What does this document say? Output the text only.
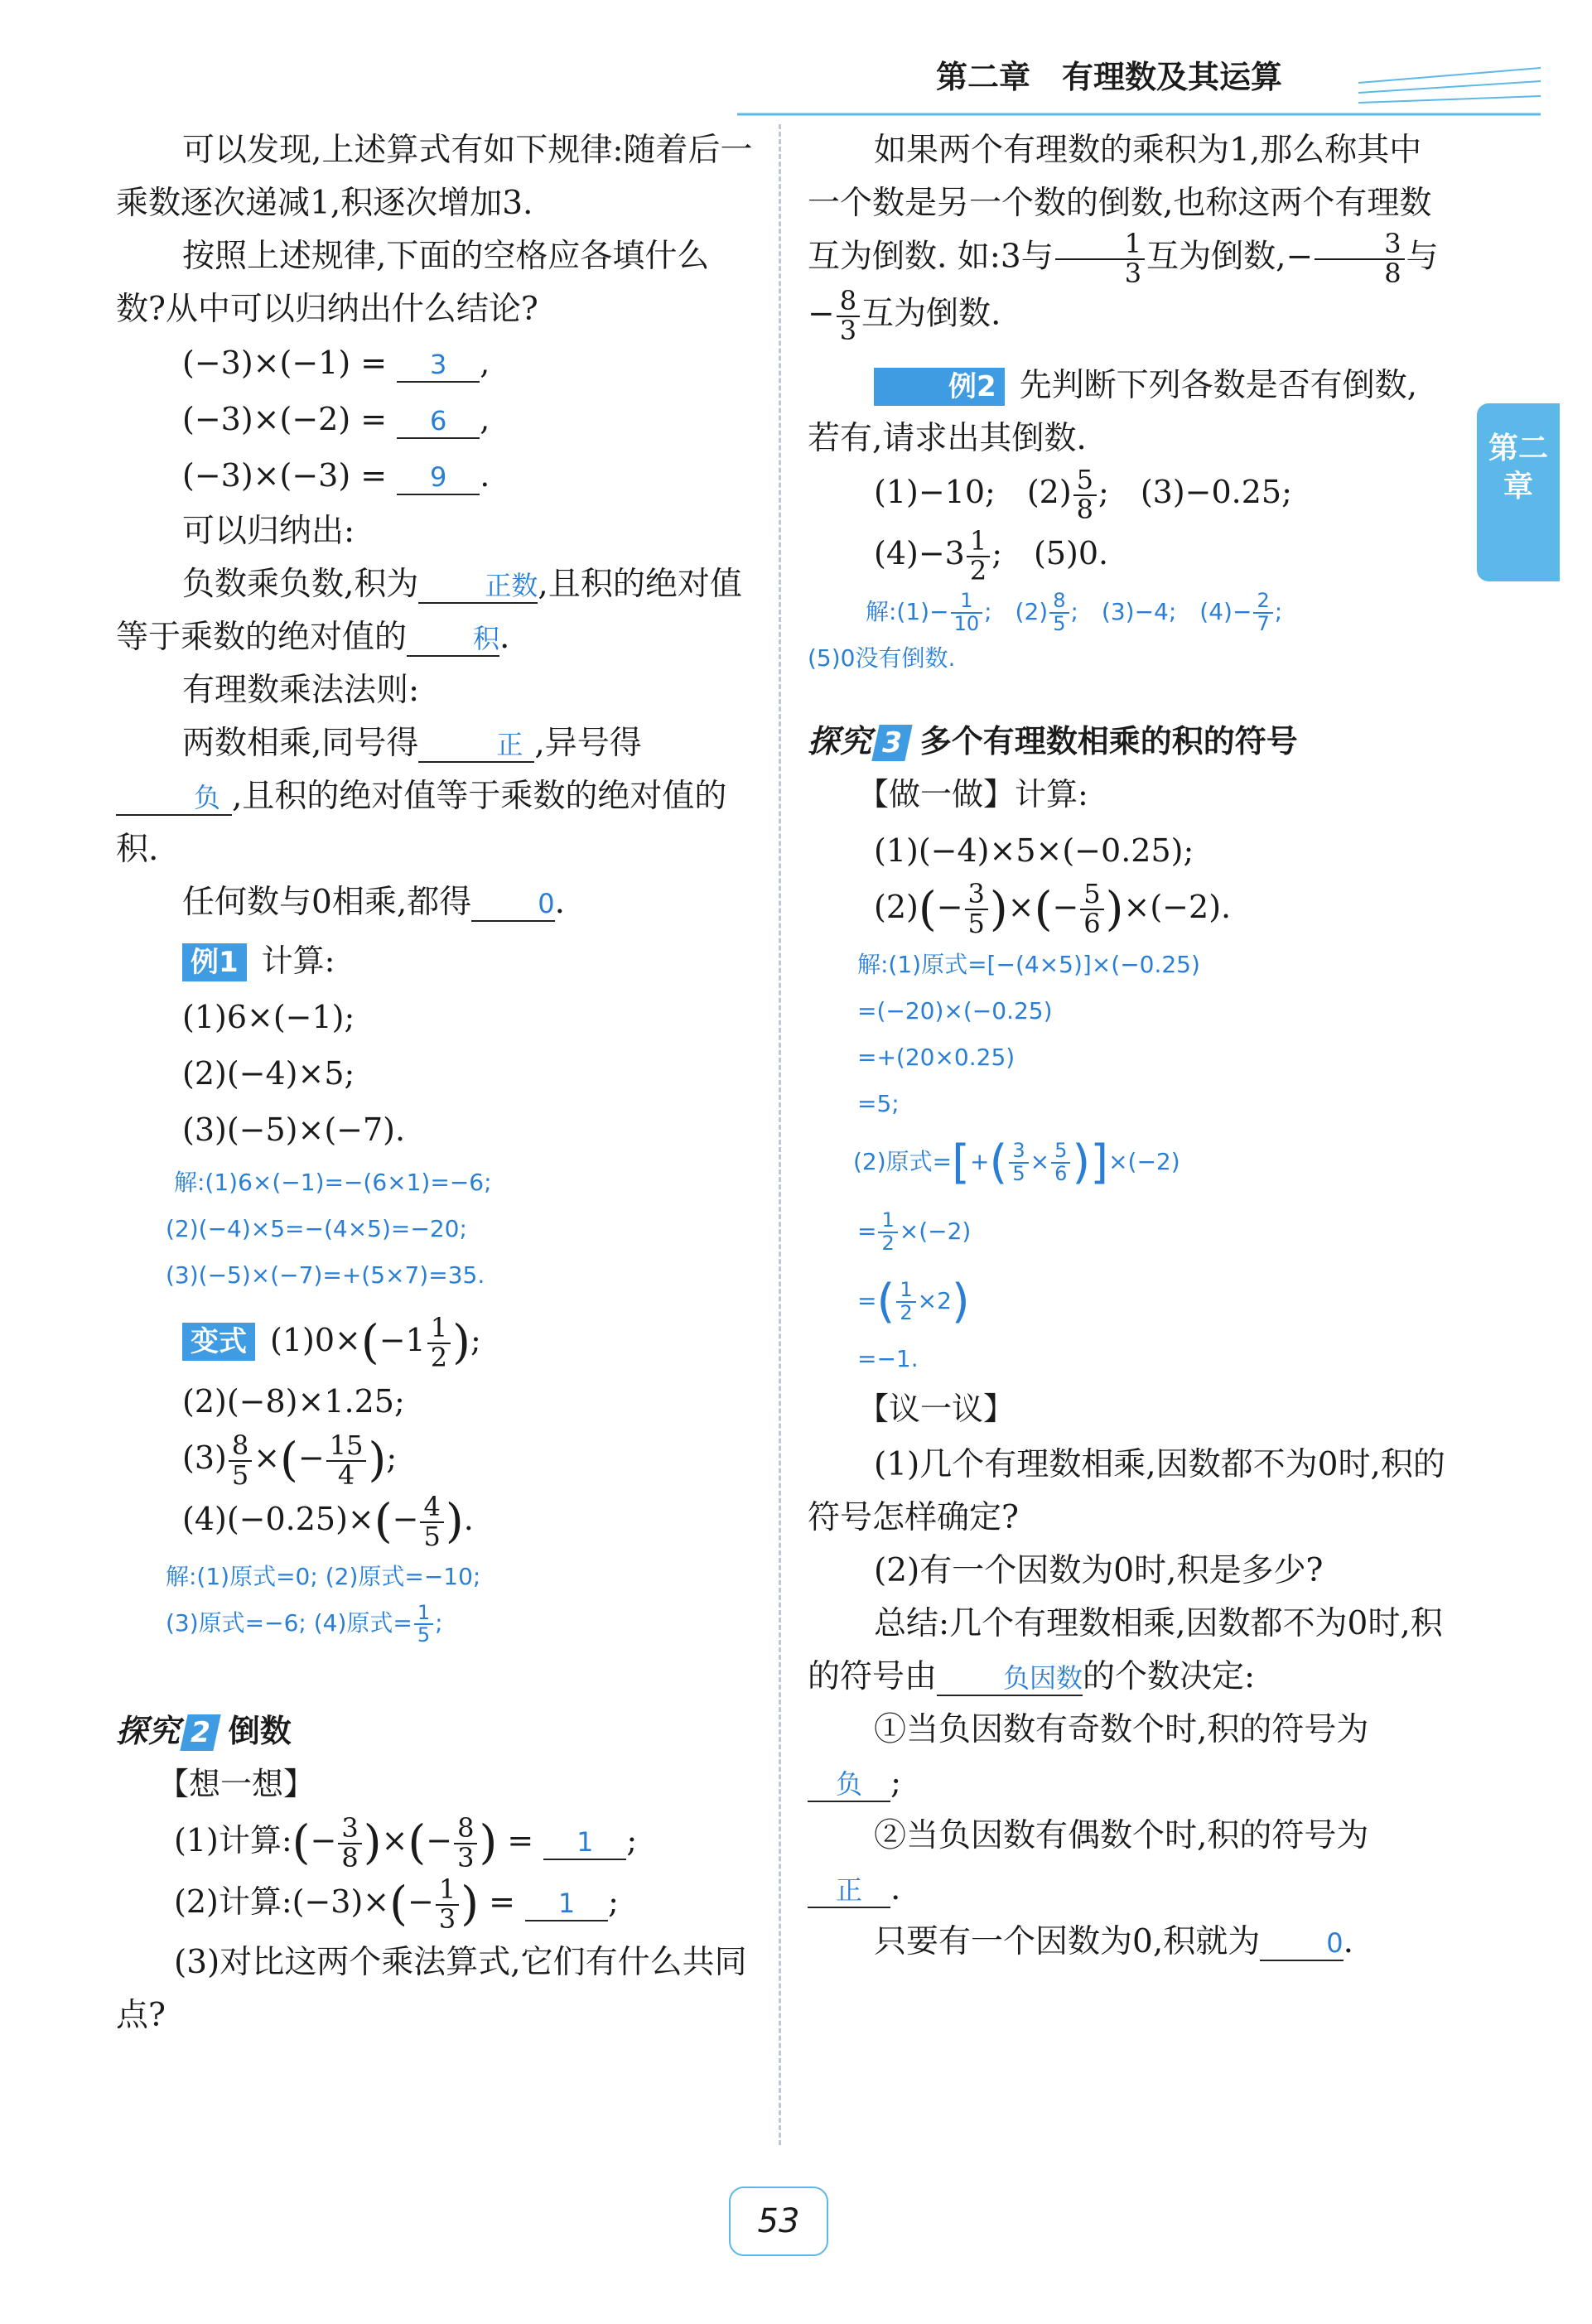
第二章　有理数及其运算
第二章

可以发现,上述算式有如下规律:随着后一乘数逐次递减1,积逐次增加3.

按照上述规律,下面的空格应各填什么数?从中可以归纳出什么结论?

(−3)×(−1) = 3 ,

(−3)×(−2) = 6 ,

(−3)×(−3) = 9 .

可以归纳出:

负数乘负数,积为	正数,且积的绝对值等于乘数的绝对值的	积.

有理数乘法法则:

两数相乘,同号得	正 ,异号得负 ,且积的绝对值等于乘数的绝对值的积.

任何数与0相乘,都得	0.

例1 计算:

(1)6×(−1);

(2)(−4)×5;

(3)(−5)×(−7).

解:(1)6×(−1)=−(6×1)=−6;

(2)(−4)×5=−(4×5)=−20;

(3)(−5)×(−7)=+(5×7)=35.

变式 $(1)0\times(-1 \frac{1}{2}$ );

(2)(−8)×1.25;

$(3) \frac{8}{5}$ ×(− $\frac{15}{4}$ );

$(4)(-0.25)\times(- \frac{4}{5}$ ).

解:(1)原式=0; (2)原式=−10;

(3)原式=−6; (4)原式= $\frac{1}{5}$ ;

探究 2 倒数

【想一想】

(1)计算:(− $\frac{3}{8}$ )×(− $\frac{8}{3}$ ) = 1 ;

(2)计算:(−3)×(− $\frac{1}{3}$ ) = 1 ;

(3)对比这两个乘法算式,它们有什么共同点?

如果两个有理数的乘积为1,那么称其中一个数是另一个数的倒数,也称这两个有理数互为倒数. 如:3与 $\frac{1}{3}$ 互为倒数,− $\frac{3}{8}$ 与
− $\frac{8}{3}$ 互为倒数.

例2 先判断下列各数是否有倒数,若有,请求出其倒数.

(1)−10;　$(2) \frac{5}{8}$ ;　(3)−0.25;

$(4)-3 \frac{1}{2}$ ;　(5)0.

解:(1)− $\frac{1}{10}$ ;　$(2) \frac{8}{5}$ ;　(3)−4;　$(4)- \frac{2}{7}$ ;

(5)0没有倒数.

探究 3 多个有理数相乘的积的符号

【做一做】计算:

(1)(−4)×5×(−0.25);

$(2)(- \frac{3}{5}$ )×(− $\frac{5}{6} )\times(-2)$.

解:(1)原式=[−(4×5)]×(−0.25)

=(−20)×(−0.25)

=+(20×0.25)

=5;

(2)原式=[+( $\frac{3}{5} \times \frac{5}{6} )]\times(-2)$

= $\frac{1}{2} \times(-2)$

=( $\frac{1}{2} \times 2$)

=−1.

【议一议】

(1)几个有理数相乘,因数都不为0时,积的符号怎样确定?

(2)有一个因数为0时,积是多少?

总结:几个有理数相乘,因数都不为0时,积的符号由	负因数的个数决定:

①当负因数有奇数个时,积的符号为
负 ;

②当负因数有偶数个时,积的符号为
正 .

只要有一个因数为0,积就为	0.

53
